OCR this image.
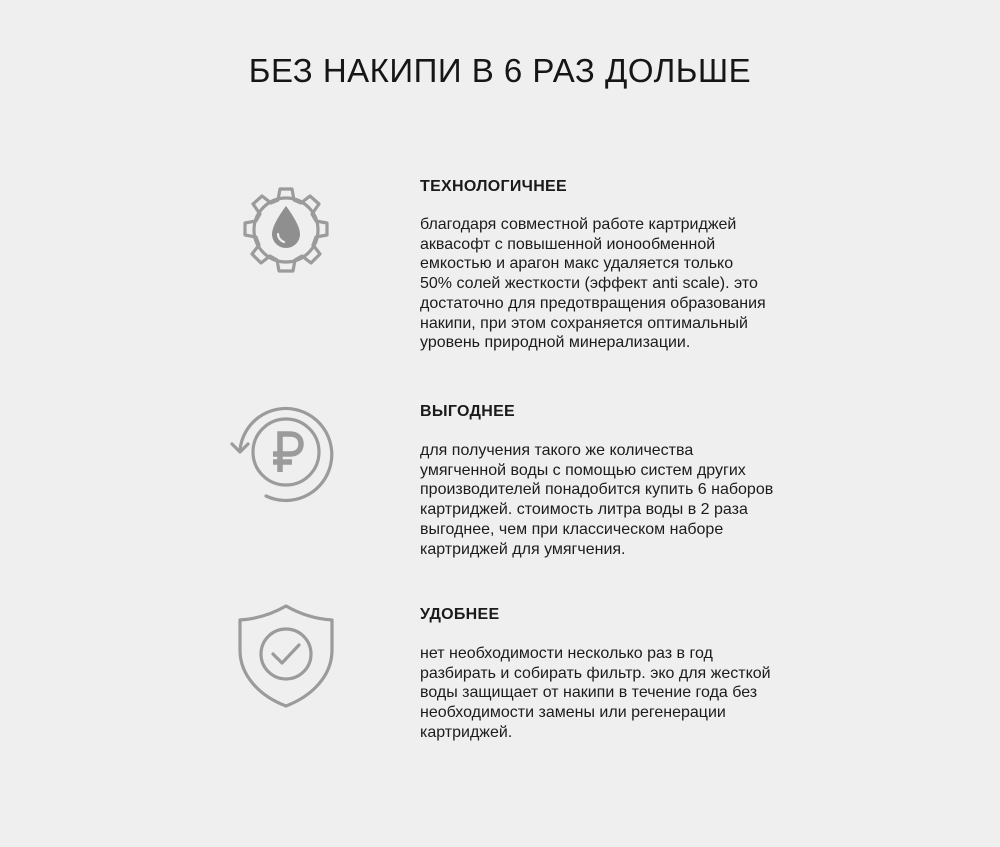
БЕЗ НАКИПИ В 6 РАЗ ДОЛЬШЕ
ТЕХНОЛОГИЧНЕЕ
благодаря совместной работе картриджей
аквасофт с повышенной ионообменной
емкостью и арагон макс удаляется только
50% солей жесткости (эффект anti scale). это
достаточно для предотвращения образования
накипи, при этом сохраняется оптимальный
уровень природной минерализации.
ВЫГОДНЕЕ
для получения такого же количества
умягченной воды с помощью систем других
производителей понадобится купить 6 наборов
картриджей. стоимость литра воды в 2 раза
выгоднее, чем при классическом наборе
картриджей для умягчения.
УДОБНЕЕ
нет необходимости несколько раз в год
разбирать и собирать фильтр. эко для жесткой
воды защищает от накипи в течение года без
необходимости замены или регенерации
картриджей.
